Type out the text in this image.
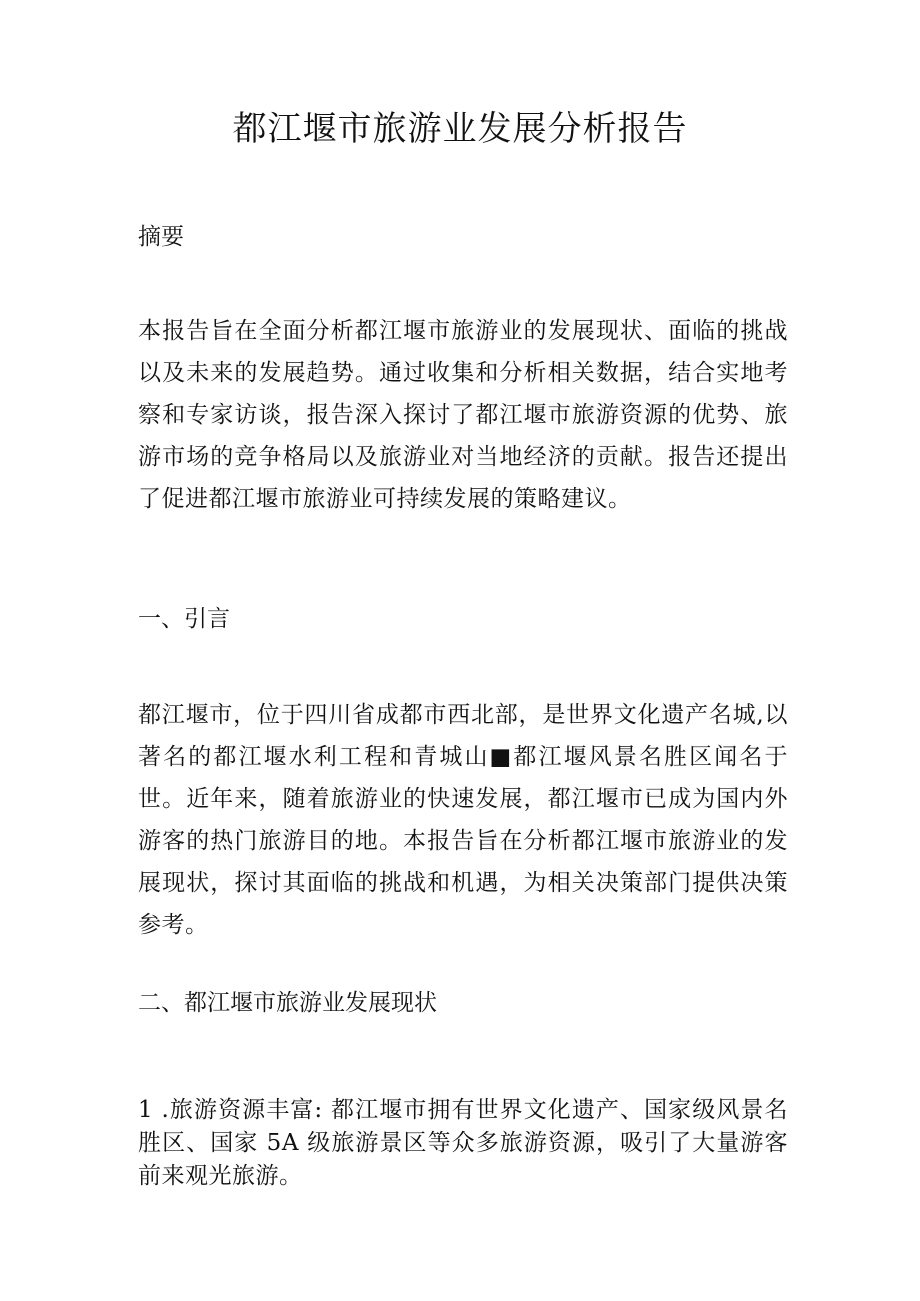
都江堰市旅游业发展分析报告
摘要

本报告旨在全面分析都江堰市旅游业的发展现状、面临的挑战以及未来的发展趋势。通过收集和分析相关数据，结合实地考察和专家访谈，报告深入探讨了都江堰市旅游资源的优势、旅游市场的竞争格局以及旅游业对当地经济的贡献。报告还提出了促进都江堰市旅游业可持续发展的策略建议。

一、引言

都江堰市，位于四川省成都市西北部，是世界文化遗产名城,以著名的都江堰水利工程和青城山■都江堰风景名胜区闻名于世。近年来，随着旅游业的快速发展，都江堰市已成为国内外游客的热门旅游目的地。本报告旨在分析都江堰市旅游业的发展现状，探讨其面临的挑战和机遇，为相关决策部门提供决策参考。

二、都江堰市旅游业发展现状

1 .旅游资源丰富: 都江堰市拥有世界文化遗产、国家级风景名胜区、国家 5A 级旅游景区等众多旅游资源，吸引了大量游客前来观光旅游。
